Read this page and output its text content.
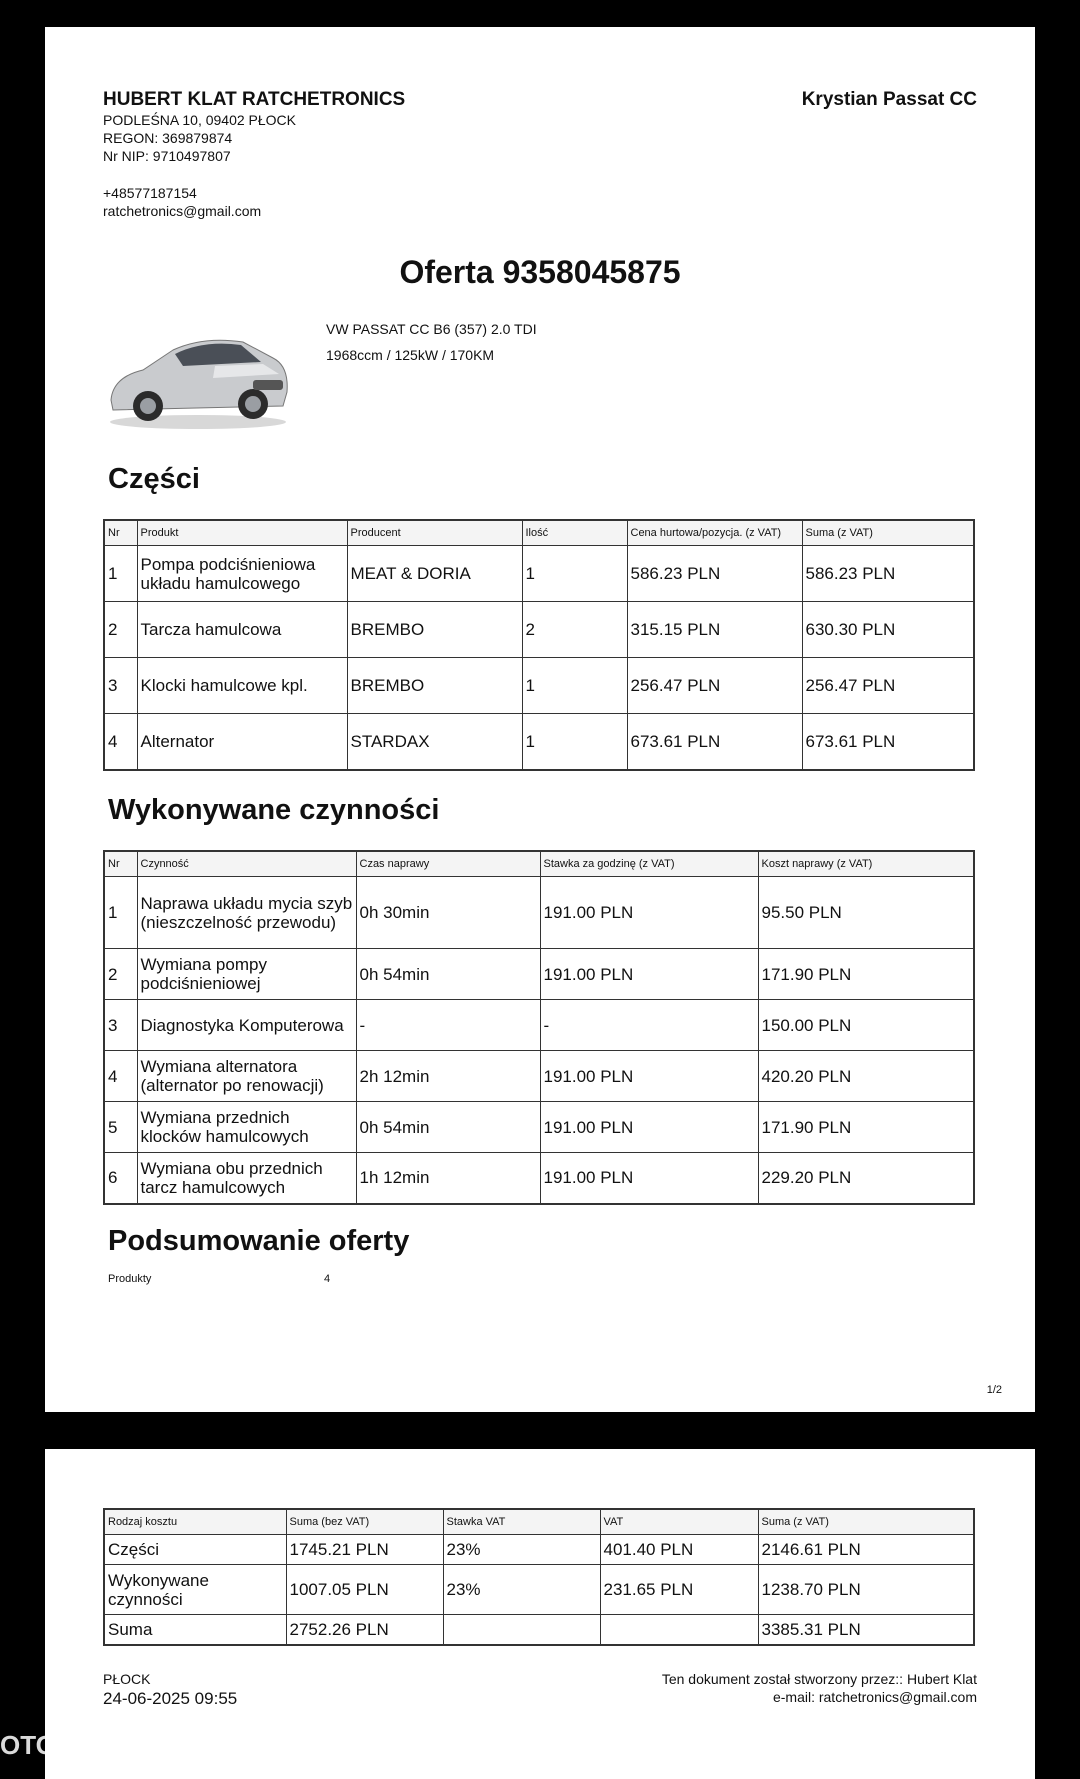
HUBERT KLAT RATCHETRONICS
PODLEŚNA 10, 09402 PŁOCK
REGON: 369879874
Nr NIP: 9710497807
+48577187154
ratchetronics@gmail.com
Krystian Passat CC
Oferta 9358045875
VW PASSAT CC B6 (357) 2.0 TDI
1968ccm / 125kW / 170KM
Części
Nr	Produkt	Producent	Ilość	Cena hurtowa/pozycja. (z VAT)	Suma (z VAT)
1	Pompa podciśnieniowa układu hamulcowego	MEAT & DORIA	1	586.23 PLN	586.23 PLN
2	Tarcza hamulcowa	BREMBO	2	315.15 PLN	630.30 PLN
3	Klocki hamulcowe kpl.	BREMBO	1	256.47 PLN	256.47 PLN
4	Alternator	STARDAX	1	673.61 PLN	673.61 PLN
Wykonywane czynności
Nr	Czynność	Czas naprawy	Stawka za godzinę (z VAT)	Koszt naprawy (z VAT)
1	Naprawa układu mycia szyb (nieszczelność przewodu)	0h 30min	191.00 PLN	95.50 PLN
2	Wymiana pompy podciśnieniowej	0h 54min	191.00 PLN	171.90 PLN
3	Diagnostyka Komputerowa	-	-	150.00 PLN
4	Wymiana alternatora (alternator po renowacji)	2h 12min	191.00 PLN	420.20 PLN
5	Wymiana przednich klocków hamulcowych	0h 54min	191.00 PLN	171.90 PLN
6	Wymiana obu przednich tarcz hamulcowych	1h 12min	191.00 PLN	229.20 PLN
Podsumowanie oferty
Produkty	4
1/2
Rodzaj kosztu	Suma (bez VAT)	Stawka VAT	VAT	Suma (z VAT)
Części	1745.21 PLN	23%	401.40 PLN	2146.61 PLN
Wykonywane czynności	1007.05 PLN	23%	231.65 PLN	1238.70 PLN
Suma	2752.26 PLN			3385.31 PLN
PŁOCK
24-06-2025 09:55
Ten dokument został stworzony przez:: Hubert Klat
e-mail: ratchetronics@gmail.com
OTO
